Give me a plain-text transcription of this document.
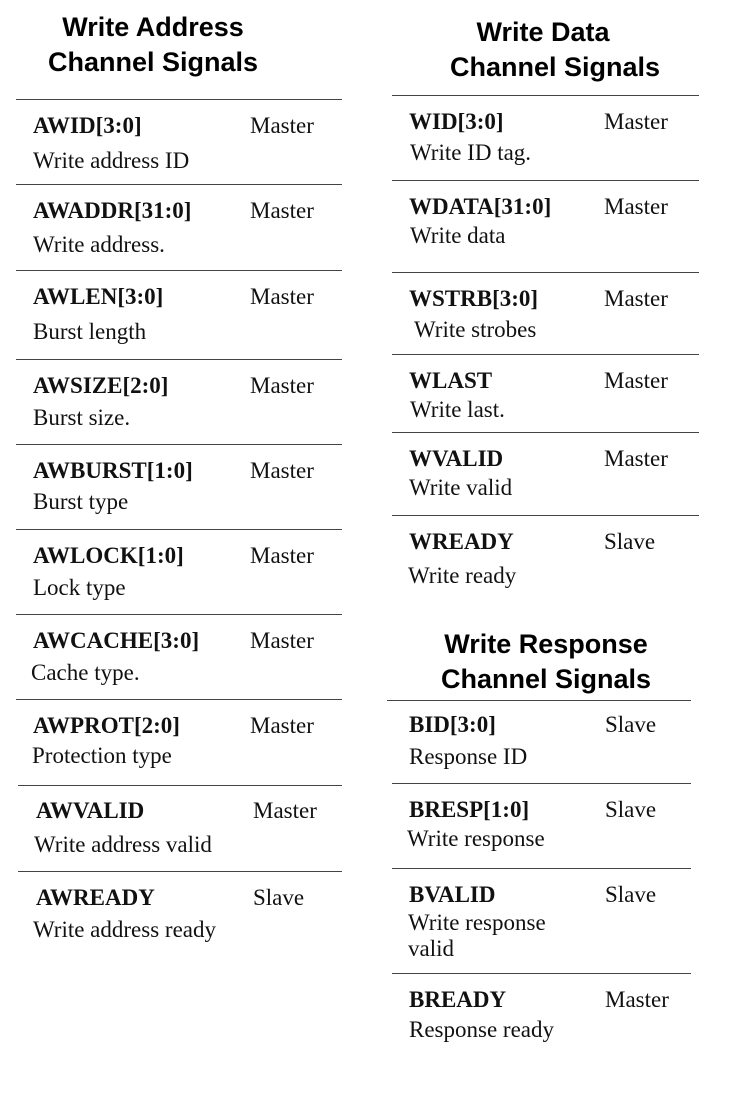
Write Address
Channel Signals
AWID[3:0]	Master
Write address ID
AWADDR[31:0]	Master
Write address.
AWLEN[3:0]	Master
Burst length
AWSIZE[2:0]	Master
Burst size.
AWBURST[1:0] Master
Burst type
AWLOCK[1:0]	Master
Lock type
AWCACHE[3:0] Master
Cache type.
AWPROT[2:0]	Master
Protection type
AWVALID	Master
Write address valid
AWREADY	Slave
Write address ready
Write Data
Channel Signals
WID[3:0]	Master
Write ID tag.
WDATA[31:0] Master
Write data
WSTRB[3:0]	Master
Write strobes
WLAST	Master
Write last.
WVALID	Master
Write valid
WREADY	Slave
Write ready
Write Response
Channel Signals
BID[3:0]	Slave
Response ID
BRESP[1:0]	Slave
Write response
BVALID	Slave
Write response valid
BREADY	Master
Response ready
